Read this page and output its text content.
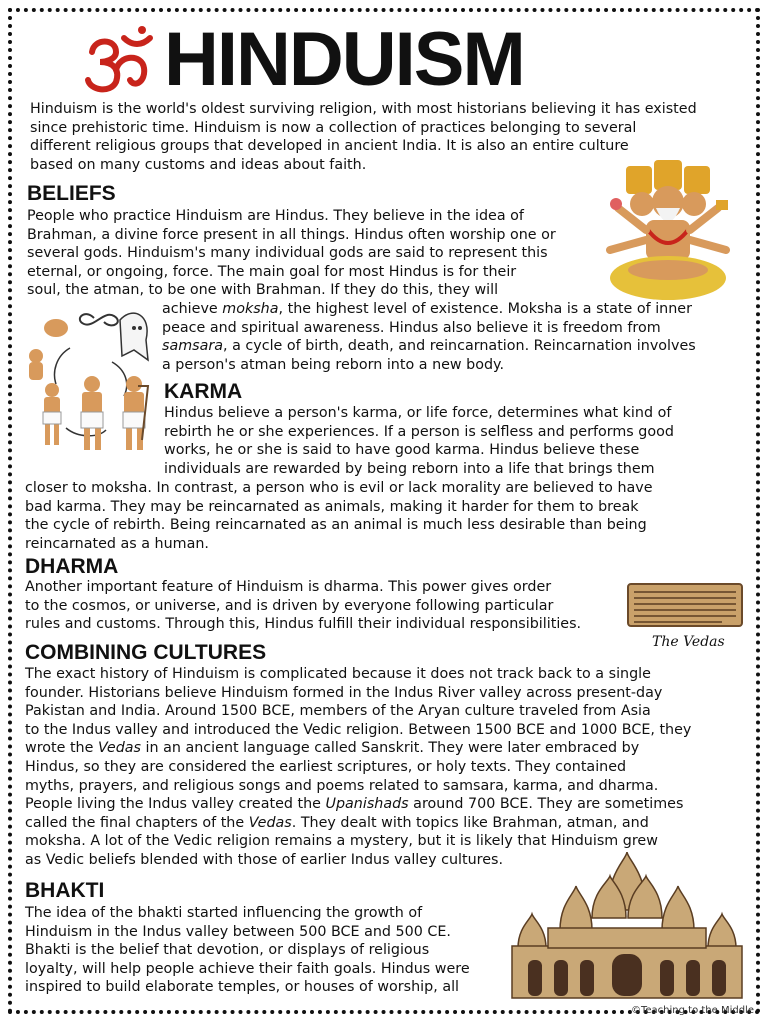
HINDUISM
Hinduism is the world's oldest surviving religion, with most historians believing it has existed
since prehistoric time. Hinduism is now a collection of practices belonging to several
different religious groups that developed in ancient India. It is also an entire culture
based on many customs and ideas about faith.
BELIEFS
People who practice Hinduism are Hindus. They believe in the idea of
Brahman, a divine force present in all things. Hindus often worship one or
several gods. Hinduism's many individual gods are said to represent this
eternal, or ongoing, force. The main goal for most Hindus is for their
soul, the atman, to be one with Brahman. If they do this, they will
achieve moksha, the highest level of existence. Moksha is a state of inner
peace and spiritual awareness. Hindus also believe it is freedom from
samsara, a cycle of birth, death, and reincarnation. Reincarnation involves
a person's atman being reborn into a new body.
KARMA
Hindus believe a person's karma, or life force, determines what kind of
rebirth he or she experiences. If a person is selfless and performs good
works, he or she is said to have good karma. Hindus believe these
individuals are rewarded by being reborn into a life that brings them
closer to moksha. In contrast, a person who is evil or lack morality are believed to have
bad karma. They may be reincarnated as animals, making it harder for them to break
the cycle of rebirth. Being reincarnated as an animal is much less desirable than being
reincarnated as a human.
DHARMA
Another important feature of Hinduism is dharma. This power gives order
to the cosmos, or universe, and is driven by everyone following particular
rules and customs. Through this, Hindus fulfill their individual responsibilities.
The Vedas
COMBINING CULTURES
The exact history of Hinduism is complicated because it does not track back to a single
founder. Historians believe Hinduism formed in the Indus River valley across present-day
Pakistan and India. Around 1500 BCE, members of the Aryan culture traveled from Asia
to the Indus valley and introduced the Vedic religion. Between 1500 BCE and 1000 BCE, they
wrote the Vedas in an ancient language called Sanskrit. They were later embraced by
Hindus, so they are considered the earliest scriptures, or holy texts. They contained
myths, prayers, and religious songs and poems related to samsara, karma, and dharma.
People living the Indus valley created the Upanishads around 700 BCE. They are sometimes
called the final chapters of the Vedas. They dealt with topics like Brahman, atman, and
moksha. A lot of the Vedic religion remains a mystery, but it is likely that Hinduism grew
as Vedic beliefs blended with those of earlier Indus valley cultures.
BHAKTI
The idea of the bhakti started influencing the growth of
Hinduism in the Indus valley between 500 BCE and 500 CE.
Bhakti is the belief that devotion, or displays of religious
loyalty, will help people achieve their faith goals. Hindus were
inspired to build elaborate temples, or houses of worship, all
©Teaching to the Middle
